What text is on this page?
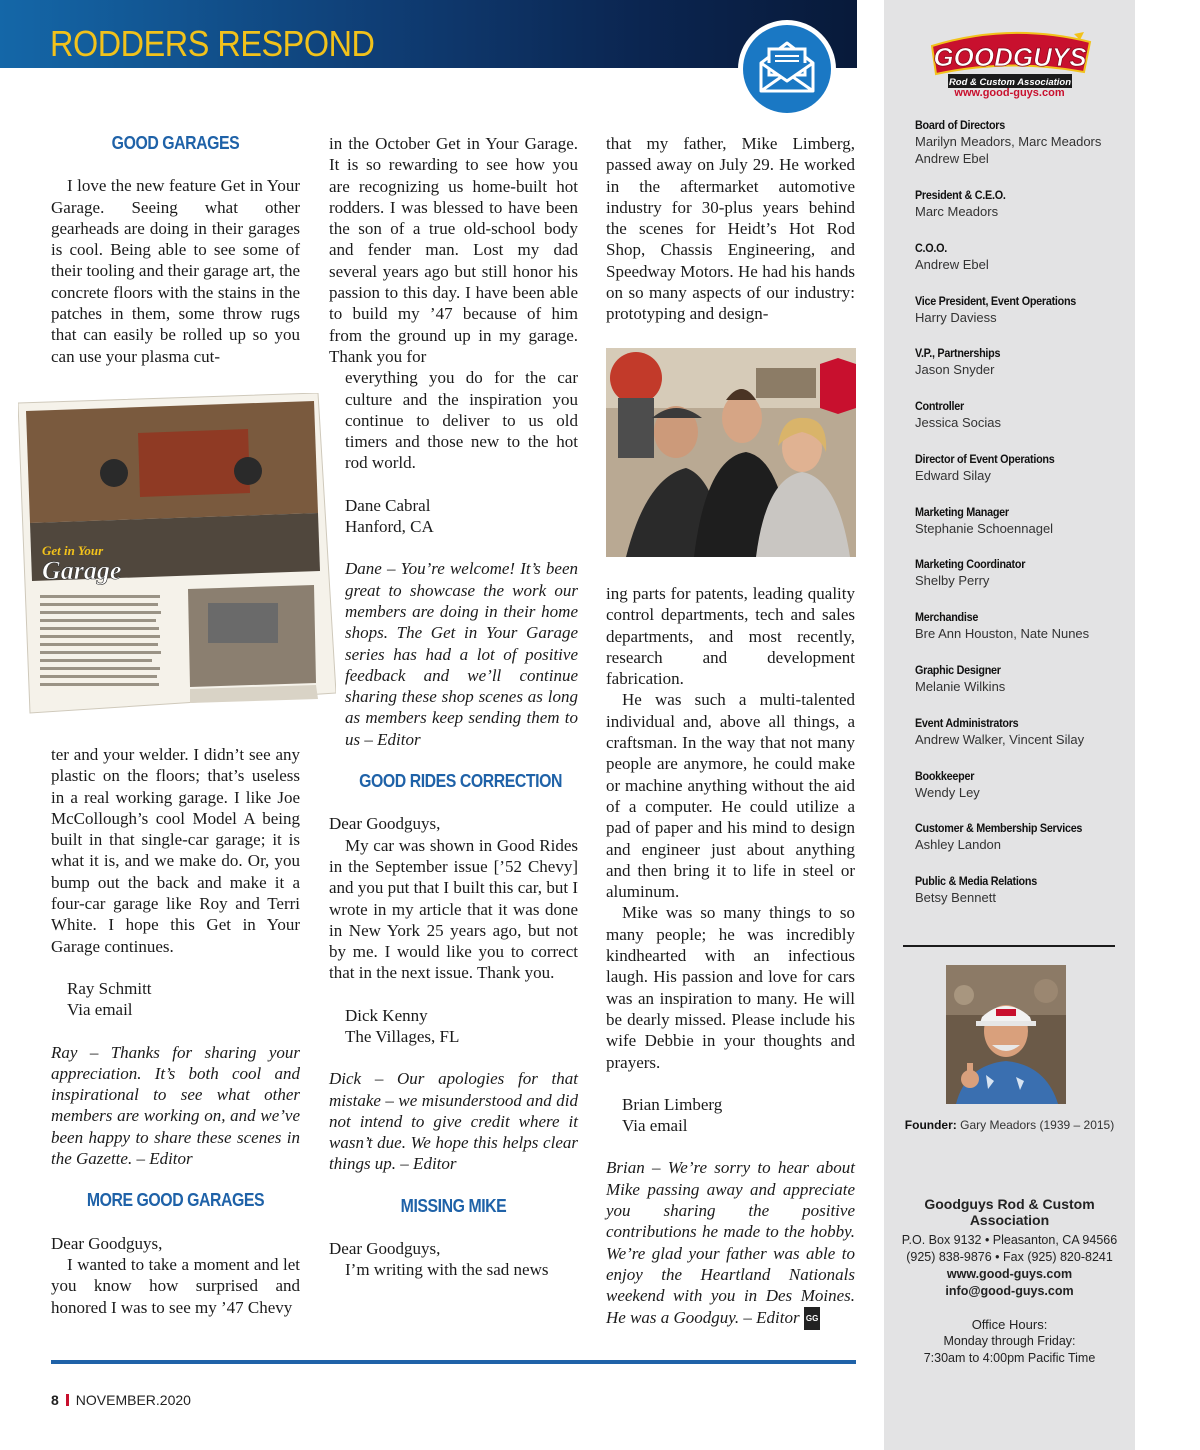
RODDERS RESPOND	GOODGUYS
Rod & Custom Association
www.good-guys.com
Board of Directors
Marilyn Meadors, Marc Meadors
Andrew Ebel
President & C.E.O.
Marc Meadors
C.O.O.
Andrew Ebel
Vice President, Event Operations
Harry Daviess
V.P., Partnerships
Jason Snyder
Controller
Jessica Socias
Director of Event Operations
Edward Silay
Marketing Manager
Stephanie Schoennagel
Marketing Coordinator
Shelby Perry
Merchandise
Bre Ann Houston, Nate Nunes
Graphic Designer
Melanie Wilkins
Event Administrators
Andrew Walker, Vincent Silay
Bookkeeper
Wendy Ley
Customer & Membership Services
Ashley Landon
Public & Media Relations
Betsy Bennett
Founder: Gary Meadors (1939 – 2015)
Goodguys Rod & Custom Association
P.O. Box 9132 • Pleasanton, CA 94566
(925) 838-9876 • Fax (925) 820-8241
www.good-guys.com
info@good-guys.com
Office Hours:
Monday through Friday:
7:30am to 4:00pm Pacific Time

GOOD GARAGES

I love the new feature Get in Your Garage. Seeing what other gearheads are doing in their garages is cool. Being able to see some of their tooling and their garage art, the concrete floors with the stains in the patches in them, some throw rugs that can easily be rolled up so you can use your plasma cut-

Get in Your
Garage

ter and your welder. I didn’t see any plastic on the floors; that’s useless in a real working garage. I like Joe McCollough’s cool Model A being built in that single-car garage; it is what it is, and we make do. Or, you bump out the back and make it a four-car garage like Roy and Terri White. I hope this Get in Your Garage continues.

Ray Schmitt

Via email

Ray – Thanks for sharing your appreciation. It’s both cool and inspirational to see what other members are working on, and we’ve been happy to share these scenes in the Gazette. – Editor

MORE GOOD GARAGES

Dear Goodguys,

I wanted to take a moment and let you know how surprised and honored I was to see my ’47 Chevy

in the October Get in Your Garage. It is so rewarding to see how you are recognizing us home-built hot rodders. I was blessed to have been the son of a true old-school body and fender man. Lost my dad several years ago but still honor his passion to this day. I have been able to build my ’47 because of him from the ground up in my garage. Thank you for

everything you do for the car culture and the inspiration you continue to deliver to us old timers and those new to the hot rod world.

Dane Cabral

Hanford, CA

Dane – You’re welcome! It’s been great to showcase the work our members are doing in their home shops. The Get in Your Garage series has had a lot of positive feedback and we’ll continue sharing these shop scenes as long as members keep sending them to us – Editor

GOOD RIDES CORRECTION

Dear Goodguys,

My car was shown in Good Rides in the September issue [’52 Chevy] and you put that I built this car, but I wrote in my article that it was done in New York 25 years ago, but not by me. I would like you to correct that in the next issue. Thank you.

Dick Kenny

The Villages, FL

Dick – Our apologies for that mistake – we misunderstood and did not intend to give credit where it wasn’t due. We hope this helps clear things up. – Editor

MISSING MIKE

Dear Goodguys,

I’m writing with the sad news

that my father, Mike Limberg, passed away on July 29. He worked in the aftermarket automotive industry for 30-plus years behind the scenes for Heidt’s Hot Rod Shop, Chassis Engineering, and Speedway Motors. He had his hands on so many aspects of our industry: prototyping and design-

ing parts for patents, leading quality control departments, tech and sales departments, and most recently, research and development fabrication.

He was such a multi-talented individual and, above all things, a craftsman. In the way that not many people are anymore, he could make or machine anything without the aid of a computer. He could utilize a pad of paper and his mind to design and engineer just about anything and then bring it to life in steel or aluminum.

Mike was so many things to so many people; he was incredibly kindhearted with an infectious laugh. His passion and love for cars was an inspiration to many. He will be dearly missed. Please include his wife Debbie in your thoughts and prayers.

Brian Limberg

Via email

Brian – We’re sorry to hear about Mike passing away and appreciate you sharing the positive contributions he made to the hobby. We’re glad your father was able to enjoy the Heartland Nationals weekend with you in Des Moines. He was a Goodguy. – Editor GG

8 NOVEMBER.2020
